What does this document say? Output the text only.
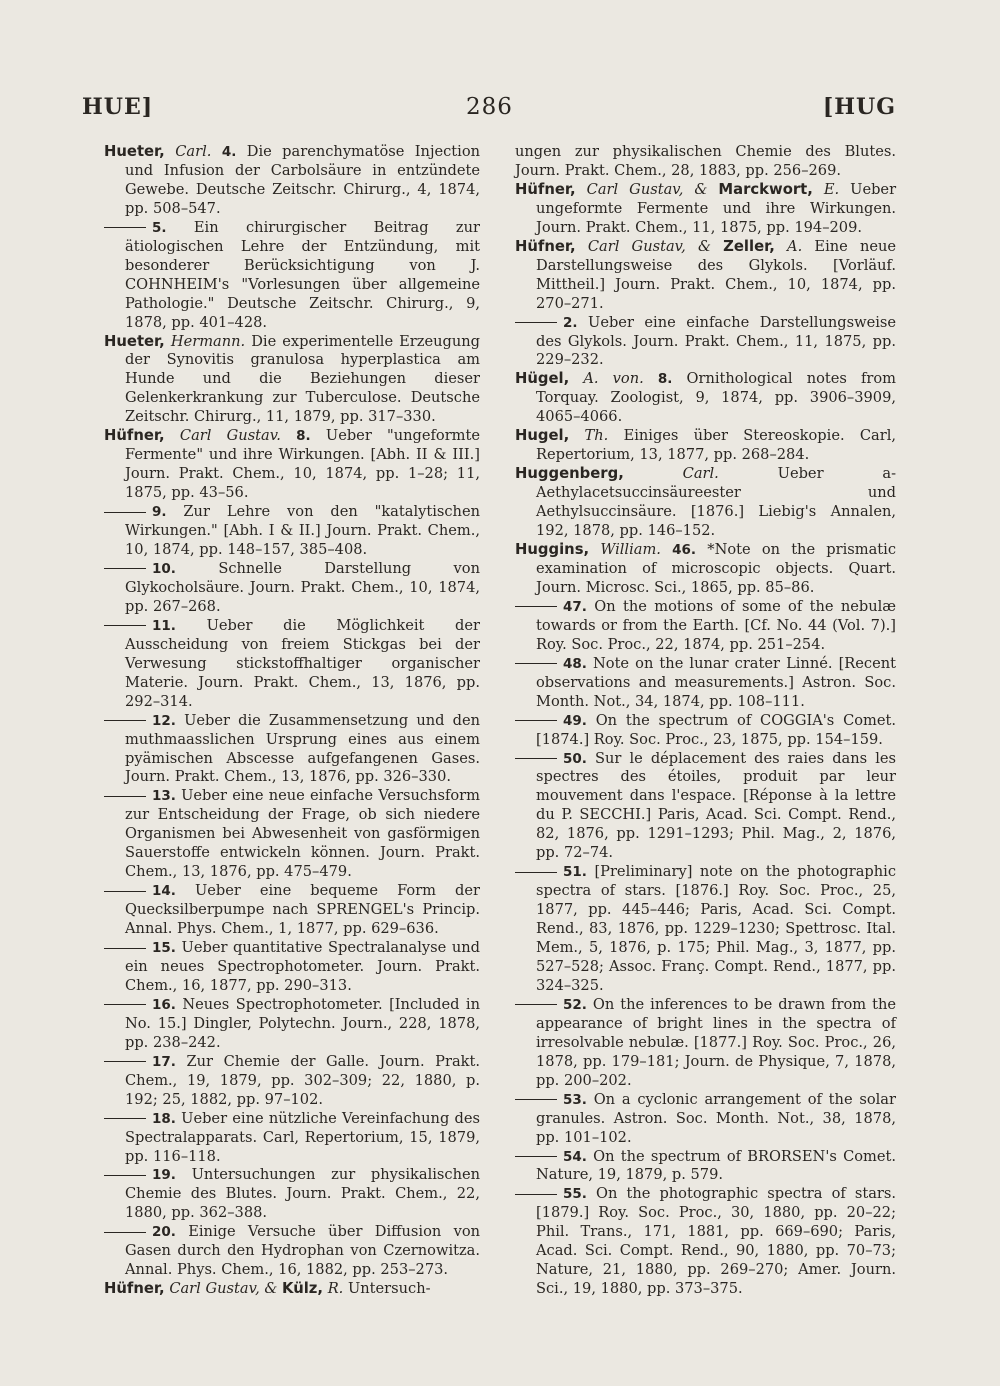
HUE]	286	[HUG
Hueter, Carl. 4. Die parenchymatöse Injection und Infusion der Carbolsäure in entzündete Gewebe. Deutsche Zeitschr. Chirurg., 4, 1874, pp. 508–547.
5. Ein chirurgischer Beitrag zur ätiologischen Lehre der Entzündung, mit besonderer Berücksichtigung von J. COHNHEIM's "Vorlesungen über allgemeine Pathologie." Deutsche Zeitschr. Chirurg., 9, 1878, pp. 401–428.
Hueter, Hermann. Die experimentelle Erzeugung der Synovitis granulosa hyperplastica am Hunde und die Beziehungen dieser Gelenkerkrankung zur Tuberculose. Deutsche Zeitschr. Chirurg., 11, 1879, pp. 317–330.
Hüfner, Carl Gustav. 8. Ueber "ungeformte Fermente" und ihre Wirkungen. [Abh. II & III.] Journ. Prakt. Chem., 10, 1874, pp. 1–28; 11, 1875, pp. 43–56.
9. Zur Lehre von den "katalytischen Wirkungen." [Abh. I & II.] Journ. Prakt. Chem., 10, 1874, pp. 148–157, 385–408.
10.	Schnelle Darstellung von Glykocholsäure. Journ. Prakt. Chem., 10, 1874, pp. 267–268.
11. Ueber die Möglichkeit der Ausscheidung von freiem Stickgas bei der Verwesung stickstoffhaltiger organischer Materie. Journ. Prakt. Chem., 13, 1876, pp. 292–314.
12. Ueber die Zusammensetzung und den muthmaasslichen Ursprung eines aus einem pyämischen Abscesse aufgefangenen Gases. Journ. Prakt. Chem., 13, 1876, pp. 326–330.
13. Ueber eine neue einfache Versuchsform zur Entscheidung der Frage, ob sich niedere Organismen bei Abwesenheit von gasförmigen Sauerstoffe entwickeln können. Journ. Prakt. Chem., 13, 1876, pp. 475–479.
14. Ueber eine bequeme Form der Quecksilberpumpe nach SPRENGEL's Princip. Annal. Phys. Chem., 1, 1877, pp. 629–636.
15. Ueber quantitative Spectralanalyse und ein neues Spectrophotometer. Journ. Prakt. Chem., 16, 1877, pp. 290–313.
16. Neues Spectrophotometer. [Included in No. 15.] Dingler, Polytechn. Journ., 228, 1878, pp. 238–242.
17. Zur Chemie der Galle. Journ. Prakt. Chem., 19, 1879, pp. 302–309; 22, 1880, p. 192; 25, 1882, pp. 97–102.
18. Ueber eine nützliche Vereinfachung des Spectralapparats. Carl, Repertorium, 15, 1879, pp. 116–118.
19. Untersuchungen zur physikalischen Chemie des Blutes. Journ. Prakt. Chem., 22, 1880, pp. 362–388.
20. Einige Versuche über Diffusion von Gasen durch den Hydrophan von Czernowitza. Annal. Phys. Chem., 16, 1882, pp. 253–273.
Hüfner, Carl Gustav, & Külz, R. Untersuch-
ungen zur physikalischen Chemie des Blutes. Journ. Prakt. Chem., 28, 1883, pp. 256–269.
Hüfner, Carl Gustav, & Marckwort, E. Ueber ungeformte Fermente und ihre Wirkungen. Journ. Prakt. Chem., 11, 1875, pp. 194–209.
Hüfner, Carl Gustav, & Zeller, A. Eine neue Darstellungsweise des Glykols. [Vorläuf. Mittheil.] Journ. Prakt. Chem., 10, 1874, pp. 270–271.
2. Ueber eine einfache Darstellungsweise des Glykols. Journ. Prakt. Chem., 11, 1875, pp. 229–232.
Hügel, A. von. 8. Ornithological notes from Torquay. Zoologist, 9, 1874, pp. 3906–3909, 4065–4066.
Hugel, Th. Einiges über Stereoskopie. Carl, Repertorium, 13, 1877, pp. 268–284.
Huggenberg,	Carl.	Ueber a-Aethylacetsuccinsäureester und Aethylsuccinsäure. [1876.] Liebig's Annalen, 192, 1878, pp. 146–152.
Huggins, William. 46. *Note on the prismatic examination of microscopic objects. Quart. Journ. Microsc. Sci., 1865, pp. 85–86.
47. On the motions of some of the nebulæ towards or from the Earth. [Cf. No. 44 (Vol. 7).] Roy. Soc. Proc., 22, 1874, pp. 251–254.
48. Note on the lunar crater Linné. [Recent observations and measurements.] Astron. Soc. Month. Not., 34, 1874, pp. 108–111.
49. On the spectrum of COGGIA's Comet. [1874.] Roy. Soc. Proc., 23, 1875, pp. 154–159.
50. Sur le déplacement des raies dans les spectres des étoiles, produit par leur mouvement dans l'espace. [Réponse à la lettre du P. SECCHI.] Paris, Acad. Sci. Compt. Rend., 82, 1876, pp. 1291–1293; Phil. Mag., 2, 1876, pp. 72–74.
51. [Preliminary] note on the photographic spectra of stars. [1876.] Roy. Soc. Proc., 25, 1877, pp. 445–446; Paris, Acad. Sci. Compt. Rend., 83, 1876, pp. 1229–1230; Spettrosc. Ital. Mem., 5, 1876, p. 175; Phil. Mag., 3, 1877, pp. 527–528; Assoc. Franç. Compt. Rend., 1877, pp. 324–325.
52. On the inferences to be drawn from the appearance of bright lines in the spectra of irresolvable nebulæ. [1877.] Roy. Soc. Proc., 26, 1878, pp. 179–181; Journ. de Physique, 7, 1878, pp. 200–202.
53. On a cyclonic arrangement of the solar granules. Astron. Soc. Month. Not., 38, 1878, pp. 101–102.
54. On the spectrum of BRORSEN's Comet. Nature, 19, 1879, p. 579.
55. On the photographic spectra of stars. [1879.] Roy. Soc. Proc., 30, 1880, pp. 20–22; Phil. Trans., 171, 1881, pp. 669–690; Paris, Acad. Sci. Compt. Rend., 90, 1880, pp. 70–73; Nature, 21, 1880, pp. 269–270; Amer. Journ. Sci., 19, 1880, pp. 373–375.
